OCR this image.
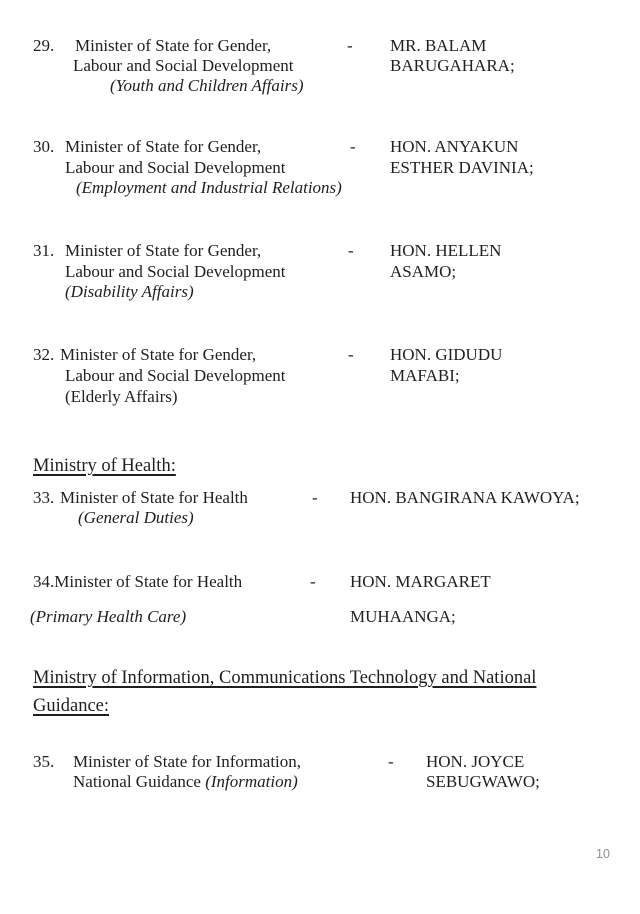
29. Minister of State for Gender,
Labour and Social Development
(Youth and Children Affairs)
- MR. BALAM
BARUGAHARA;
30. Minister of State for Gender,
Labour and Social Development
(Employment and Industrial Relations)
- HON. ANYAKUN
ESTHER DAVINIA;
31. Minister of State for Gender,
Labour and Social Development
(Disability Affairs)
- HON. HELLEN
ASAMO;
32. Minister of State for Gender,
Labour and Social Development
(Elderly Affairs)
- HON. GIDUDU
MAFABI;
Ministry of Health:
33. Minister of State for Health
(General Duties)
- HON. BANGIRANA KAWOYA;
34.Minister of State for Health
(Primary Health Care)
- HON. MARGARET
MUHAANGA;
Ministry of Information, Communications Technology and National
Guidance:
35. Minister of State for Information,
National Guidance (Information)
- HON. JOYCE
SEBUGWAWO;
10
